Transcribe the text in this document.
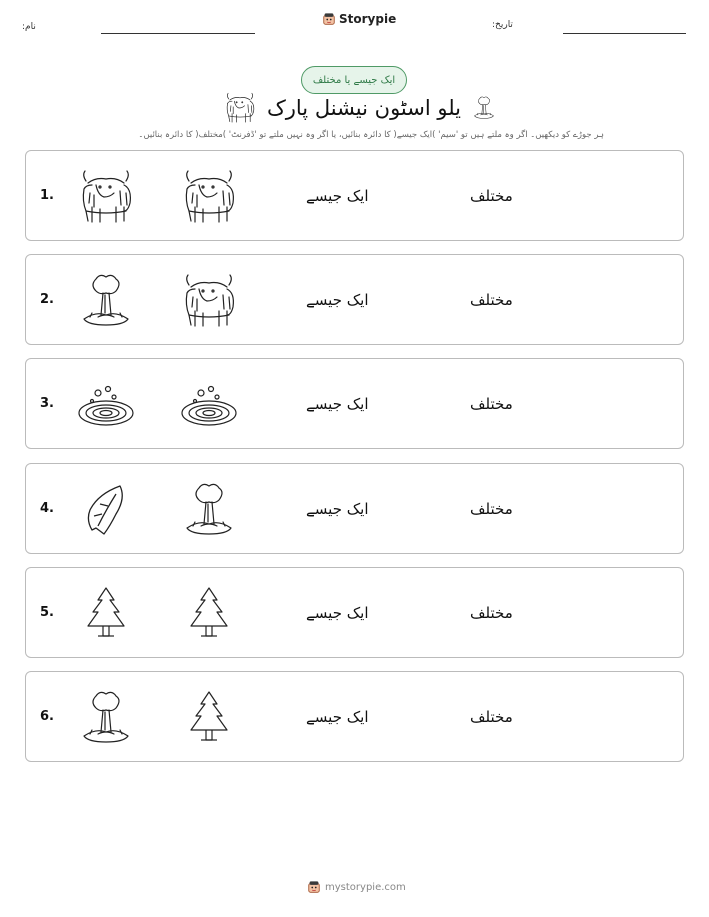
تاریخ:
نام:
Storypie
ایک جیسے یا مختلف
یلو اسٹون نیشنل پارک
ہر جوڑے کو دیکھیں۔ اگر وہ ملتے ہیں تو 'سیم' )ایک جیسے( کا دائرہ بنائیں، یا اگر وہ نہیں ملتے تو 'ڈفرنٹ' )مختلف( کا دائرہ بنائیں۔
1.	ایک جیسے	مختلف
2.	ایک جیسے	مختلف
3.	ایک جیسے	مختلف
4.	ایک جیسے	مختلف
5.	ایک جیسے	مختلف
6.	ایک جیسے	مختلف
mystorypie.com
